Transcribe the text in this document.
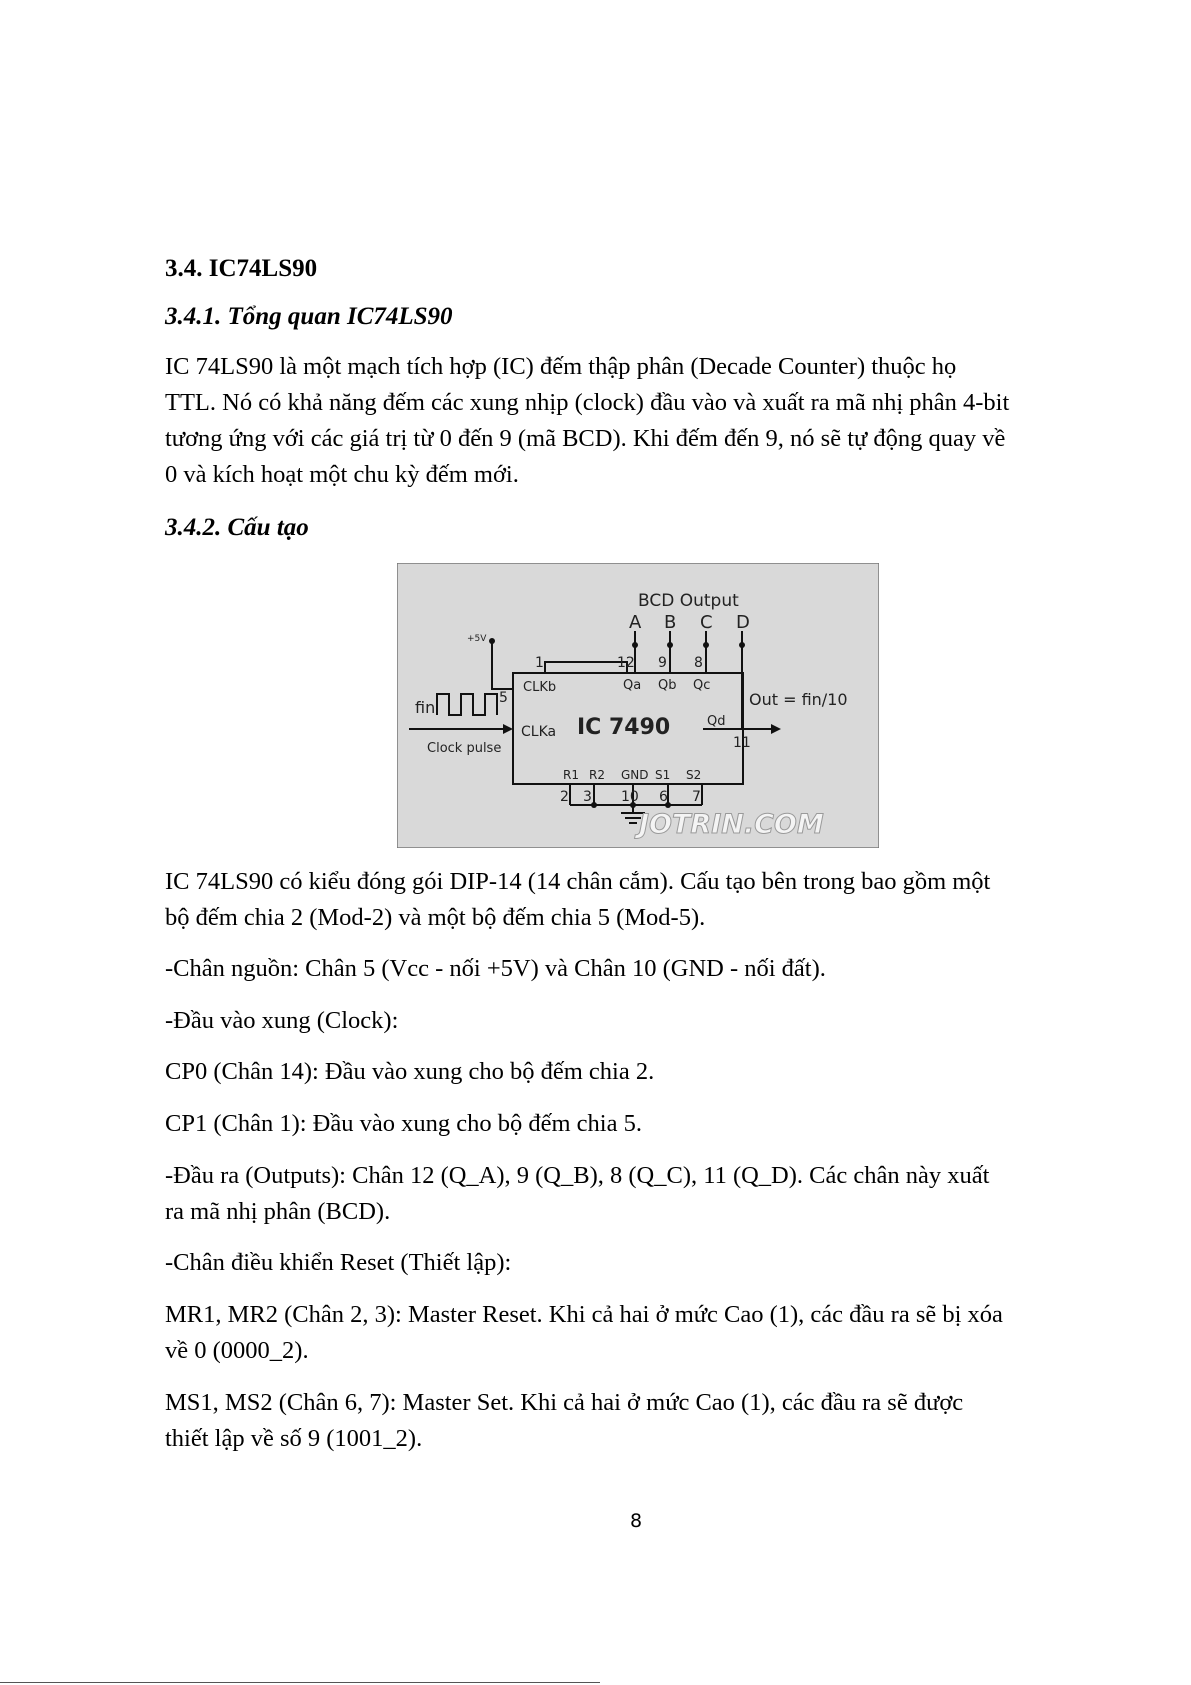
3.4. IC74LS90
3.4.1. Tổng quan IC74LS90
IC 74LS90 là một mạch tích hợp (IC) đếm thập phân (Decade Counter) thuộc họ
TTL. Nó có khả năng đếm các xung nhịp (clock) đầu vào và xuất ra mã nhị phân 4-bit
tương ứng với các giá trị từ 0 đến 9 (mã BCD). Khi đếm đến 9, nó sẽ tự động quay về
0 và kích hoạt một chu kỳ đếm mới.
3.4.2. Cấu tạo
BCD Output
A B C D
+5V
1	12 9 8
5
11
CLKb
CLKa
Qa Qb Qc
Qd
IC 7490
R1 R2 GND S1 S2
2 3 10 6 7
fin
Clock pulse
Out = fin/10
JOTRIN.COM
IC 74LS90 có kiểu đóng gói DIP-14 (14 chân cắm). Cấu tạo bên trong bao gồm một
bộ đếm chia 2 (Mod-2) và một bộ đếm chia 5 (Mod-5).
-Chân nguồn: Chân 5 (Vcc - nối +5V) và Chân 10 (GND - nối đất).
-Đầu vào xung (Clock):
CP0 (Chân 14): Đầu vào xung cho bộ đếm chia 2.
CP1 (Chân 1): Đầu vào xung cho bộ đếm chia 5.
-Đầu ra (Outputs): Chân 12 (Q_A), 9 (Q_B), 8 (Q_C), 11 (Q_D). Các chân này xuất
ra mã nhị phân (BCD).
-Chân điều khiển Reset (Thiết lập):
MR1, MR2 (Chân 2, 3): Master Reset. Khi cả hai ở mức Cao (1), các đầu ra sẽ bị xóa
về 0 (0000_2).
MS1, MS2 (Chân 6, 7): Master Set. Khi cả hai ở mức Cao (1), các đầu ra sẽ được
thiết lập về số 9 (1001_2).
8
